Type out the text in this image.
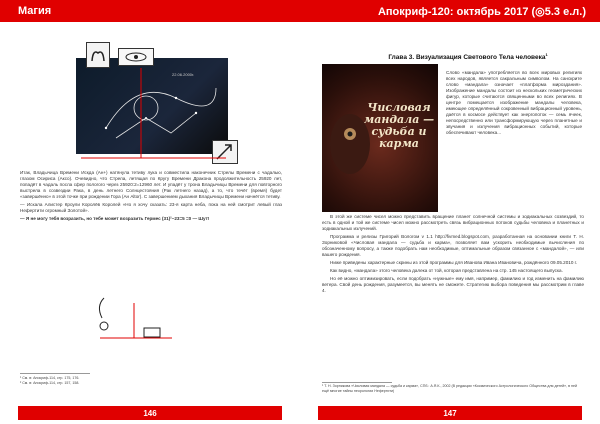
Магия
22.06.2000г.

Итак, Владычица Времени Искда (Aн+) натянула тетиву лука и совместила наконечник Стрелы Времени с чадалью, глазом Осириса (Аксо). Очевидно, что Стрела, летящая по Кругу Времени Дракона продолжительность 25920 лет, попадёт в чадаль посла сфер пологого через 25920:2=12960 лет. И упадёт у трона Владычицы Времени для повторного выстрела в созвездии Рака, в день летнего Солнцестояния (Рак летнего назад), а то, что течёт (время) будет «завершённо» в этой точке при рождении Гора (Aн Altor). С завершением дыхания Владычицы Времени начнётся тетиву.

— Искала Алистер Кроули Королёв Королей «Но я хочу сказать: 23-я карта неба, пока на ней смотрит левый глаз Нефертити огромный Золотой».

— Я не могу тебя возразить, но тебе может возразить Гермес (31)²−23=5 =0 — Шут!

¹ См. в: Апокриф-114, стр. 175, 176.
² См. в: Апокриф-114, стр. 157, 158.
146
Апокриф-120: октябрь 2017 (◎5.3 e.л.)
Глава 3. Визуализация Светового Тела человека$^1$
Числовая мандала — судьба и карма
Слово «мандала» употребляется во всех мировых религиях всех народов, является сакральным символом. На санскрите слово «мандала» означает «платформа мироздания». Изображение мандалы состоит из нескольких геометрических фигур, которые считаются священными во всех религиях. В центре помещается изображение мандалы человека, имеющее определённый сокровенный вибрационный уровень, даётся в космосе действует как энергопоток — семь ячеек, непосредственно или трансформирующую через планетные и звучания и излучения вибрационных событий, которые обеспечивают человека...

В этой же системе чисел можно представить вращение планет солнечной системы и зодиакальных созвездий, то есть в одной и той же системе чисел можно рассмотреть связь вибрационных потоков судьбы человека и планетных и зодиакальных излучений.

Программа и релизы Григорий Вологом v 1.1 http://fivmed.blogspot.com, разработанная на основании книги Т. Н. Зорниковой «Числовая мандала — судьба и карма», позволяет вам ускорить необходимые вычисления по обозначенному вопросу, а также подобрать нам необходимые, оптимальные образом связанное с «мандалой», — или вашего рождения.

Ниже приведены характерные скрины из этой программы для Иванова Ивана Ивановича, рождённого 09.05.2010 г.

Как видно, «мандала» этого человека далека от той, которая представлена на стр. 145 настоящего выпуска.

Но её можно оптимизировать, если подобрать «нужные» ему имя, например, фамилию и год изменить на фамилию ветера. Свой день рождения, разумеется, вы менять не сможете. Стратегию выбора поведения мы рассмотрим в главе 4.

¹ Т. Н. Зорникова «Числовая мандала — судьба и карма», СПб.: А.Я.К., 2002 (В редакции «Космического Астрологического Общества для детей», в ней ещё многие тайны неорологии Нефертити)
147
